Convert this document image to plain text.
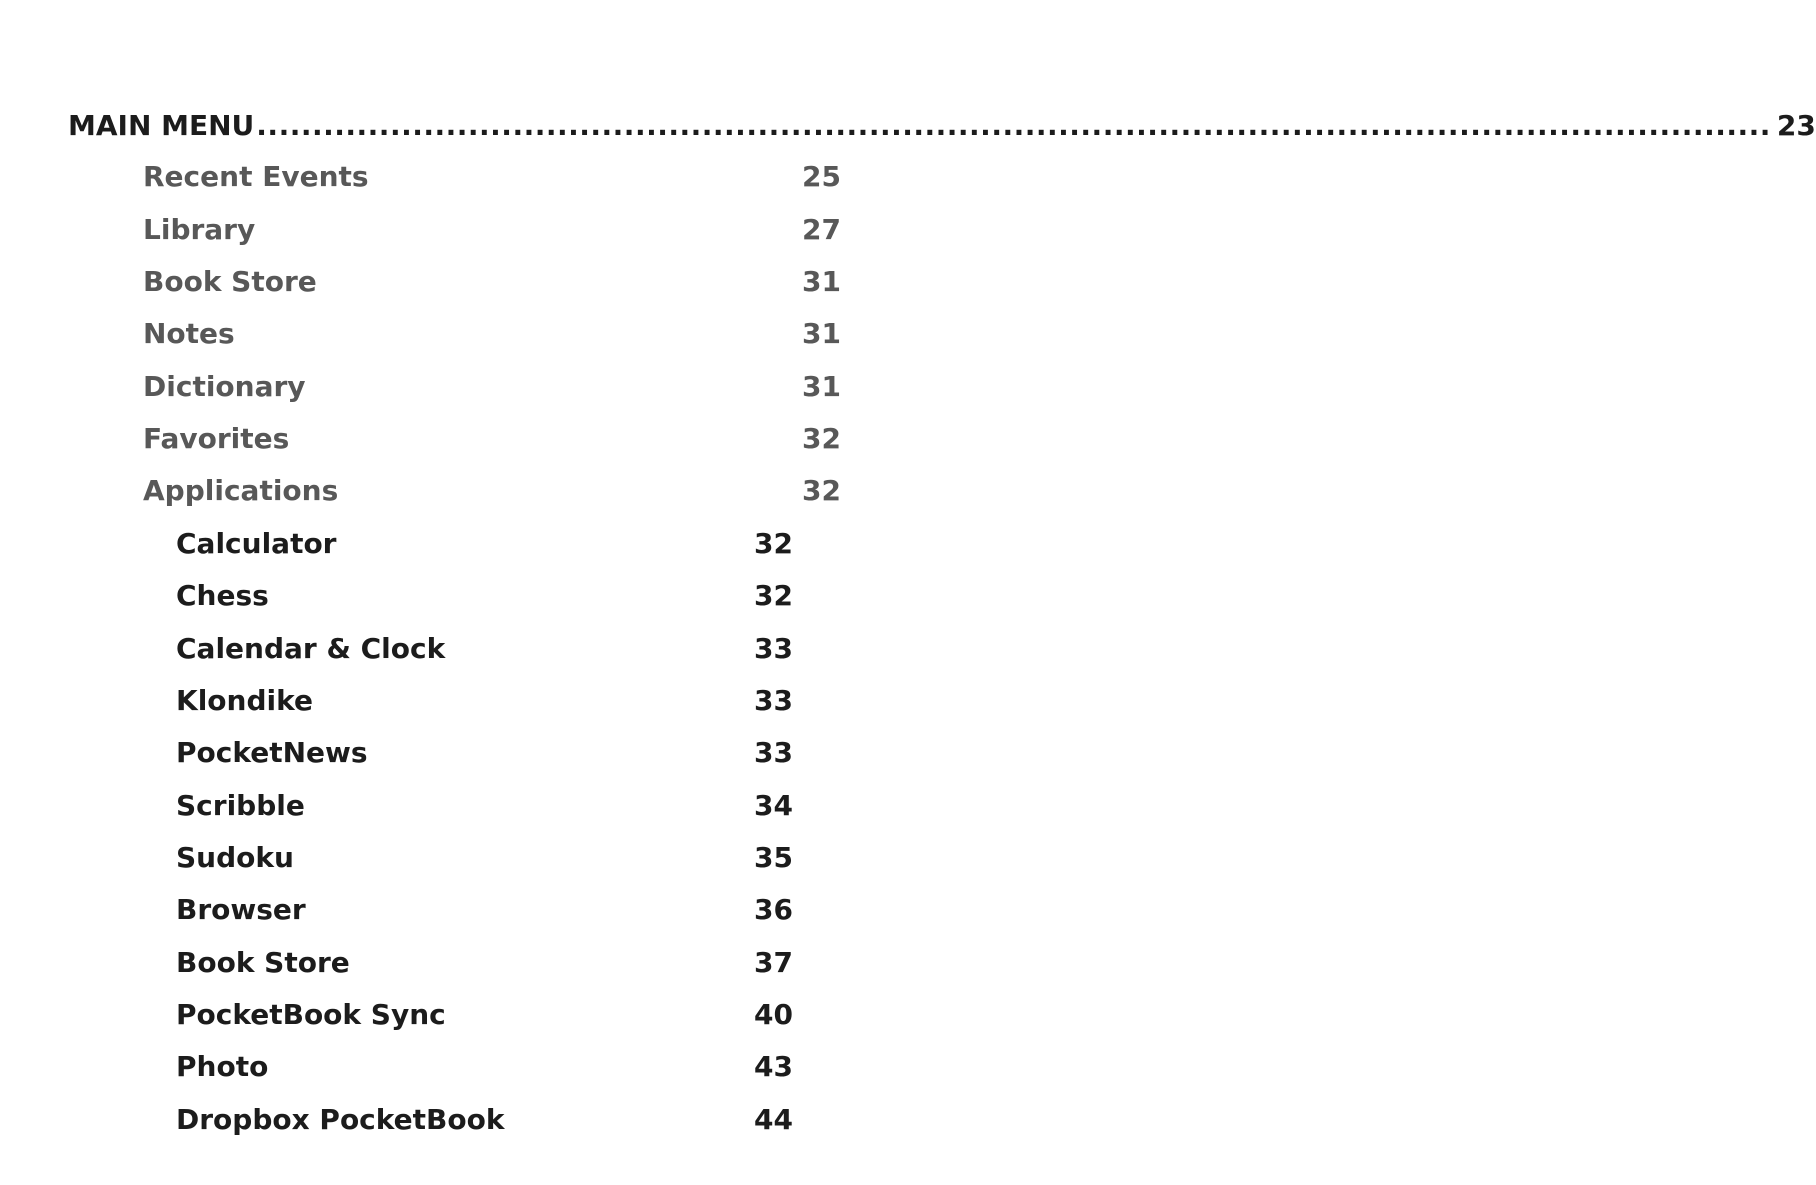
MAIN MENU ........................................................................................................................................ 23
Recent Events	25
Library	27
Book Store	31
Notes	31
Dictionary	31
Favorites	32
Applications	32
Calculator	32
Chess	32
Calendar & Clock	33
Klondike	33
PocketNews	33
Scribble	34
Sudoku	35
Browser	36
Book Store	37
PocketBook Sync	40
Photo	43
Dropbox PocketBook	44
